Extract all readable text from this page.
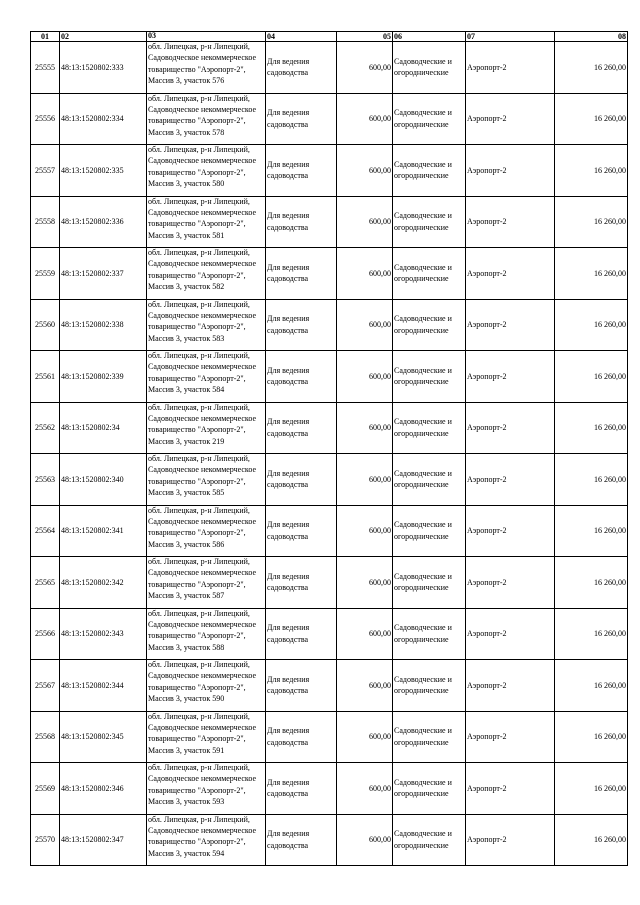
01	02	03	04	05	06	07	08
25555	48:13:1520802:333	обл. Липецкая, р-н Липецкий, Садоводческое некоммерческое товарищество "Аэропорт-2", Массив 3, участок 576	Для ведения садоводства	600,00	Садоводческие и огороднические	Аэропорт-2	16 260,00
25556	48:13:1520802:334	обл. Липецкая, р-н Липецкий, Садоводческое некоммерческое товарищество "Аэропорт-2", Массив 3, участок 578	Для ведения садоводства	600,00	Садоводческие и огороднические	Аэропорт-2	16 260,00
25557	48:13:1520802:335	обл. Липецкая, р-н Липецкий, Садоводческое некоммерческое товарищество "Аэропорт-2", Массив 3, участок 580	Для ведения садоводства	600,00	Садоводческие и огороднические	Аэропорт-2	16 260,00
25558	48:13:1520802:336	обл. Липецкая, р-н Липецкий, Садоводческое некоммерческое товарищество "Аэропорт-2", Массив 3, участок 581	Для ведения садоводства	600,00	Садоводческие и огороднические	Аэропорт-2	16 260,00
25559	48:13:1520802:337	обл. Липецкая, р-н Липецкий, Садоводческое некоммерческое товарищество "Аэропорт-2", Массив 3, участок 582	Для ведения садоводства	600,00	Садоводческие и огороднические	Аэропорт-2	16 260,00
25560	48:13:1520802:338	обл. Липецкая, р-н Липецкий, Садоводческое некоммерческое товарищество "Аэропорт-2", Массив 3, участок 583	Для ведения садоводства	600,00	Садоводческие и огороднические	Аэропорт-2	16 260,00
25561	48:13:1520802:339	обл. Липецкая, р-н Липецкий, Садоводческое некоммерческое товарищество "Аэропорт-2", Массив 3, участок 584	Для ведения садоводства	600,00	Садоводческие и огороднические	Аэропорт-2	16 260,00
25562	48:13:1520802:34	обл. Липецкая, р-н Липецкий, Садоводческое некоммерческое товарищество "Аэропорт-2", Массив 3, участок 219	Для ведения садоводства	600,00	Садоводческие и огороднические	Аэропорт-2	16 260,00
25563	48:13:1520802:340	обл. Липецкая, р-н Липецкий, Садоводческое некоммерческое товарищество "Аэропорт-2", Массив 3, участок 585	Для ведения садоводства	600,00	Садоводческие и огороднические	Аэропорт-2	16 260,00
25564	48:13:1520802:341	обл. Липецкая, р-н Липецкий, Садоводческое некоммерческое товарищество "Аэропорт-2", Массив 3, участок 586	Для ведения садоводства	600,00	Садоводческие и огороднические	Аэропорт-2	16 260,00
25565	48:13:1520802:342	обл. Липецкая, р-н Липецкий, Садоводческое некоммерческое товарищество "Аэропорт-2", Массив 3, участок 587	Для ведения садоводства	600,00	Садоводческие и огороднические	Аэропорт-2	16 260,00
25566	48:13:1520802:343	обл. Липецкая, р-н Липецкий, Садоводческое некоммерческое товарищество "Аэропорт-2", Массив 3, участок 588	Для ведения садоводства	600,00	Садоводческие и огороднические	Аэропорт-2	16 260,00
25567	48:13:1520802:344	обл. Липецкая, р-н Липецкий, Садоводческое некоммерческое товарищество "Аэропорт-2", Массив 3, участок 590	Для ведения садоводства	600,00	Садоводческие и огороднические	Аэропорт-2	16 260,00
25568	48:13:1520802:345	обл. Липецкая, р-н Липецкий, Садоводческое некоммерческое товарищество "Аэропорт-2", Массив 3, участок 591	Для ведения садоводства	600,00	Садоводческие и огороднические	Аэропорт-2	16 260,00
25569	48:13:1520802:346	обл. Липецкая, р-н Липецкий, Садоводческое некоммерческое товарищество "Аэропорт-2", Массив 3, участок 593	Для ведения садоводства	600,00	Садоводческие и огороднические	Аэропорт-2	16 260,00
25570	48:13:1520802:347	обл. Липецкая, р-н Липецкий, Садоводческое некоммерческое товарищество "Аэропорт-2", Массив 3, участок 594	Для ведения садоводства	600,00	Садоводческие и огороднические	Аэропорт-2	16 260,00
